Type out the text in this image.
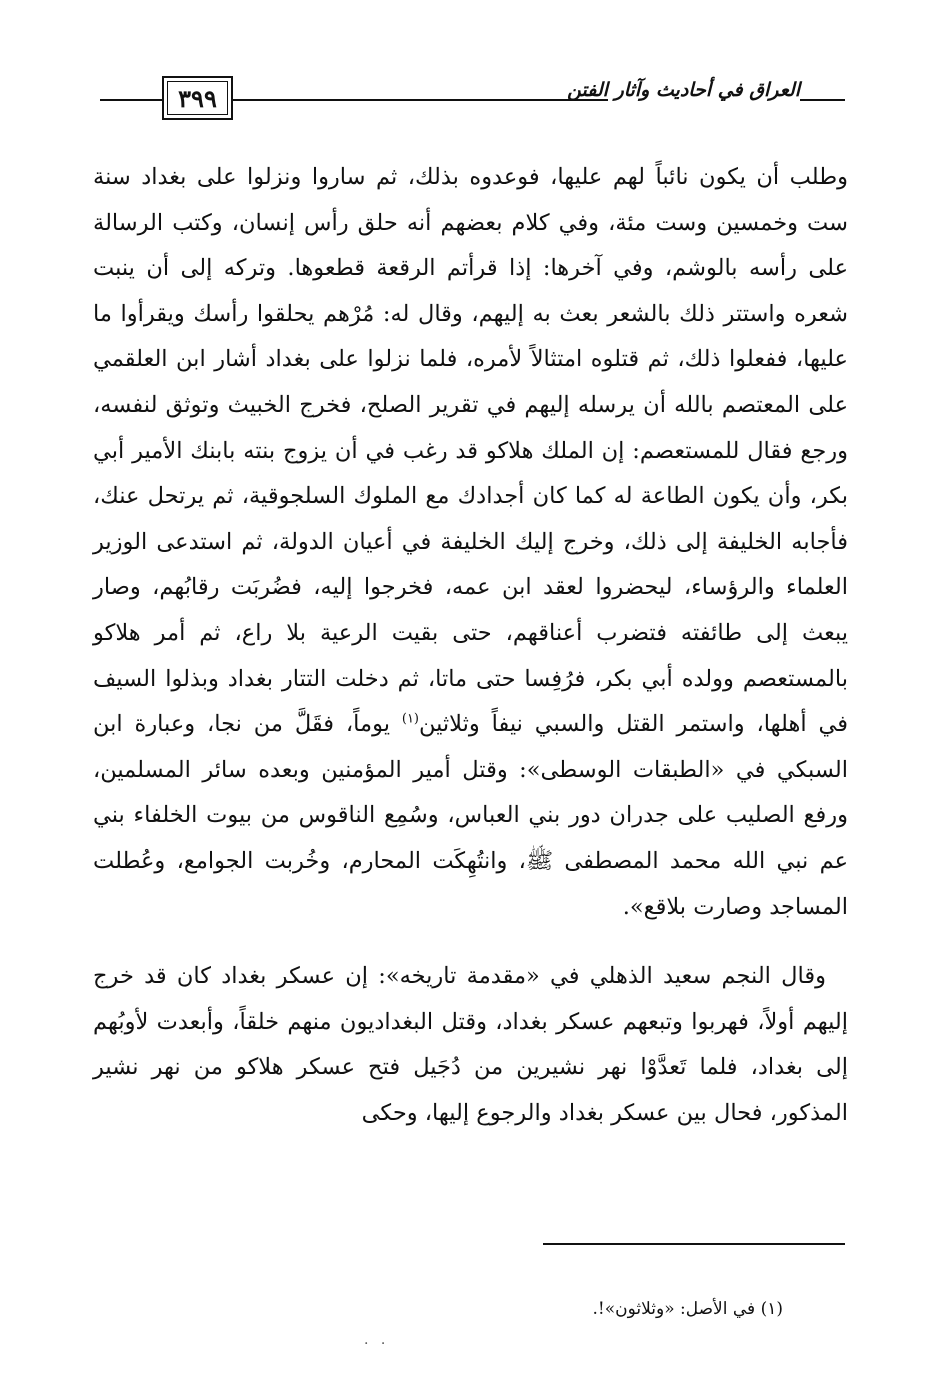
٣٩٩	العراق في أحاديث وآثار الفتن

وطلب أن يكون نائباً لهم عليها، فوعدوه بذلك، ثم ساروا ونزلوا على بغداد سنة ست وخمسين وست مئة، وفي كلام بعضهم أنه حلق رأس إنسان، وكتب الرسالة على رأسه بالوشم، وفي آخرها: إذا قرأتم الرقعة قطعوها. وتركه إلى أن ينبت شعره واستتر ذلك بالشعر بعث به إليهم، وقال له: مُرْهم يحلقوا رأسك ويقرأوا ما عليها، ففعلوا ذلك، ثم قتلوه امتثالاً لأمره، فلما نزلوا على بغداد أشار ابن العلقمي على المعتصم بالله أن يرسله إليهم في تقرير الصلح، فخرج الخبيث وتوثق لنفسه، ورجع فقال للمستعصم: إن الملك هلاكو قد رغب في أن يزوج بنته بابنك الأمير أبي بكر، وأن يكون الطاعة له كما كان أجدادك مع الملوك السلجوقية، ثم يرتحل عنك، فأجابه الخليفة إلى ذلك، وخرج إليك الخليفة في أعيان الدولة، ثم استدعى الوزير العلماء والرؤساء، ليحضروا لعقد ابن عمه، فخرجوا إليه، فضُربَت رقابُهم، وصار يبعث إلى طائفته فتضرب أعناقهم، حتى بقيت الرعية بلا راع، ثم أمر هلاكو بالمستعصم وولده أبي بكر، فرُفِسا حتى ماتا، ثم دخلت التتار بغداد وبذلوا السيف في أهلها، واستمر القتل والسبي نيفاً وثلاثين$^{(١)}$ يوماً، فقَلَّ من نجا، وعبارة ابن السبكي في «الطبقات الوسطى»: وقتل أمير المؤمنين وبعده سائر المسلمين، ورفع الصليب على جدران دور بني العباس، وسُمِع الناقوس من بيوت الخلفاء بني عم نبي الله محمد المصطفى ﷺ، وانتُهِكَت المحارم، وخُربت الجوامع، وعُطلت المساجد وصارت بلاقع».

وقال النجم سعيد الذهلي في «مقدمة تاريخه»: إن عسكر بغداد كان قد خرج إليهم أولاً، فهربوا وتبعهم عسكر بغداد، وقتل البغداديون منهم خلقاً، وأبعدت لأوبُهم إلى بغداد، فلما تَعدَّوْا نهر نشيرين من دُجَيل فتح عسكر هلاكو من نهر نشير المذكور، فحال بين عسكر بغداد والرجوع إليها، وحكى

(١) في الأصل: «وثلاثون»!.
· ·
